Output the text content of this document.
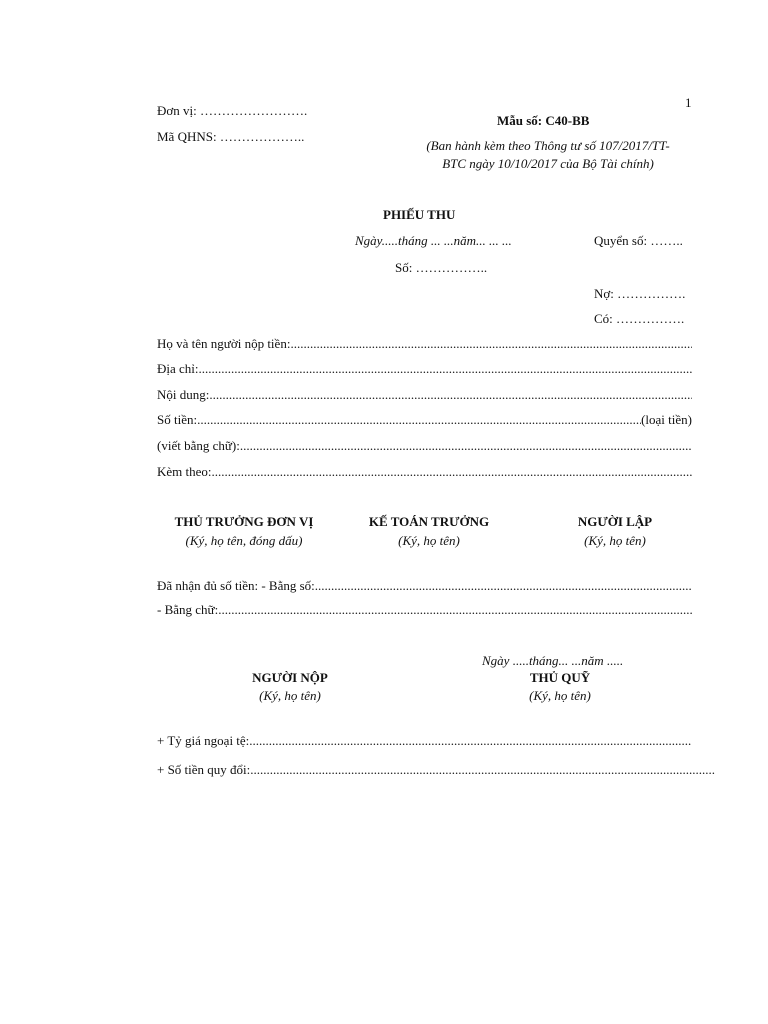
1
Đơn vị: …………………….
Mã QHNS: ………………..
Mẫu số: C40-BB
(Ban hành kèm theo Thông tư số 107/2017/TT-
BTC ngày 10/10/2017 của Bộ Tài chính)
PHIẾU THU
Ngày.....tháng ... ...năm... ... ...	Quyển số: ……..
Số: ……………..
Nợ: …………….
Có: …………….
Họ và tên người nộp tiền:
.....
Địa chỉ:
.....
Nội dung:
.....
Số tiền:
.....	(loại tiền)
(viết bằng chữ):
.....
Kèm theo:
.....
THỦ TRƯỞNG ĐƠN VỊ
(Ký, họ tên, đóng dấu)
KẾ TOÁN TRƯỞNG
(Ký, họ tên)
NGƯỜI LẬP
(Ký, họ tên)
Đã nhận đủ số tiền: - Bằng số:
.....
- Bằng chữ:
.....
Ngày .....tháng... ...năm .....
NGƯỜI NỘP
(Ký, họ tên)
THỦ QUỸ
(Ký, họ tên)
+ Tỷ giá ngoại tệ:
.....
+ Số tiền quy đổi:
.....
